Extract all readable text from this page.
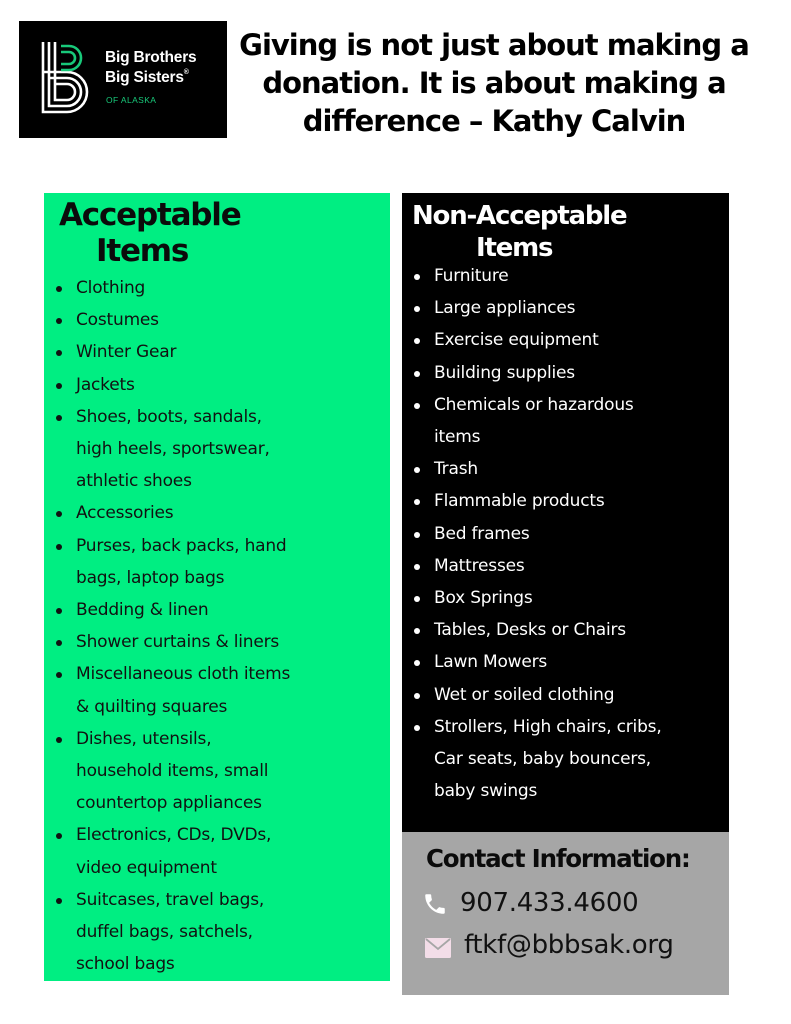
Big Brothers
Big Sisters®
OF ALASKA
Giving is not just about making a
donation. It is about making a
difference – Kathy Calvin
Acceptable
Items
Clothing
Costumes
Winter Gear
Jackets
Shoes, boots, sandals,
high heels, sportswear,
athletic shoes
Accessories
Purses, back packs, hand
bags, laptop bags
Bedding & linen
Shower curtains & liners
Miscellaneous cloth items
& quilting squares
Dishes, utensils,
household items, small
countertop appliances
Electronics, CDs, DVDs,
video equipment
Suitcases, travel bags,
duffel bags, satchels,
school bags
Non-Acceptable
Items
Furniture
Large appliances
Exercise equipment
Building supplies
Chemicals or hazardous
items
Trash
Flammable products
Bed frames
Mattresses
Box Springs
Tables, Desks or Chairs
Lawn Mowers
Wet or soiled clothing
Strollers, High chairs, cribs,
Car seats, baby bouncers,
baby swings
Contact Information:
907.433.4600
ftkf@bbbsak.org
